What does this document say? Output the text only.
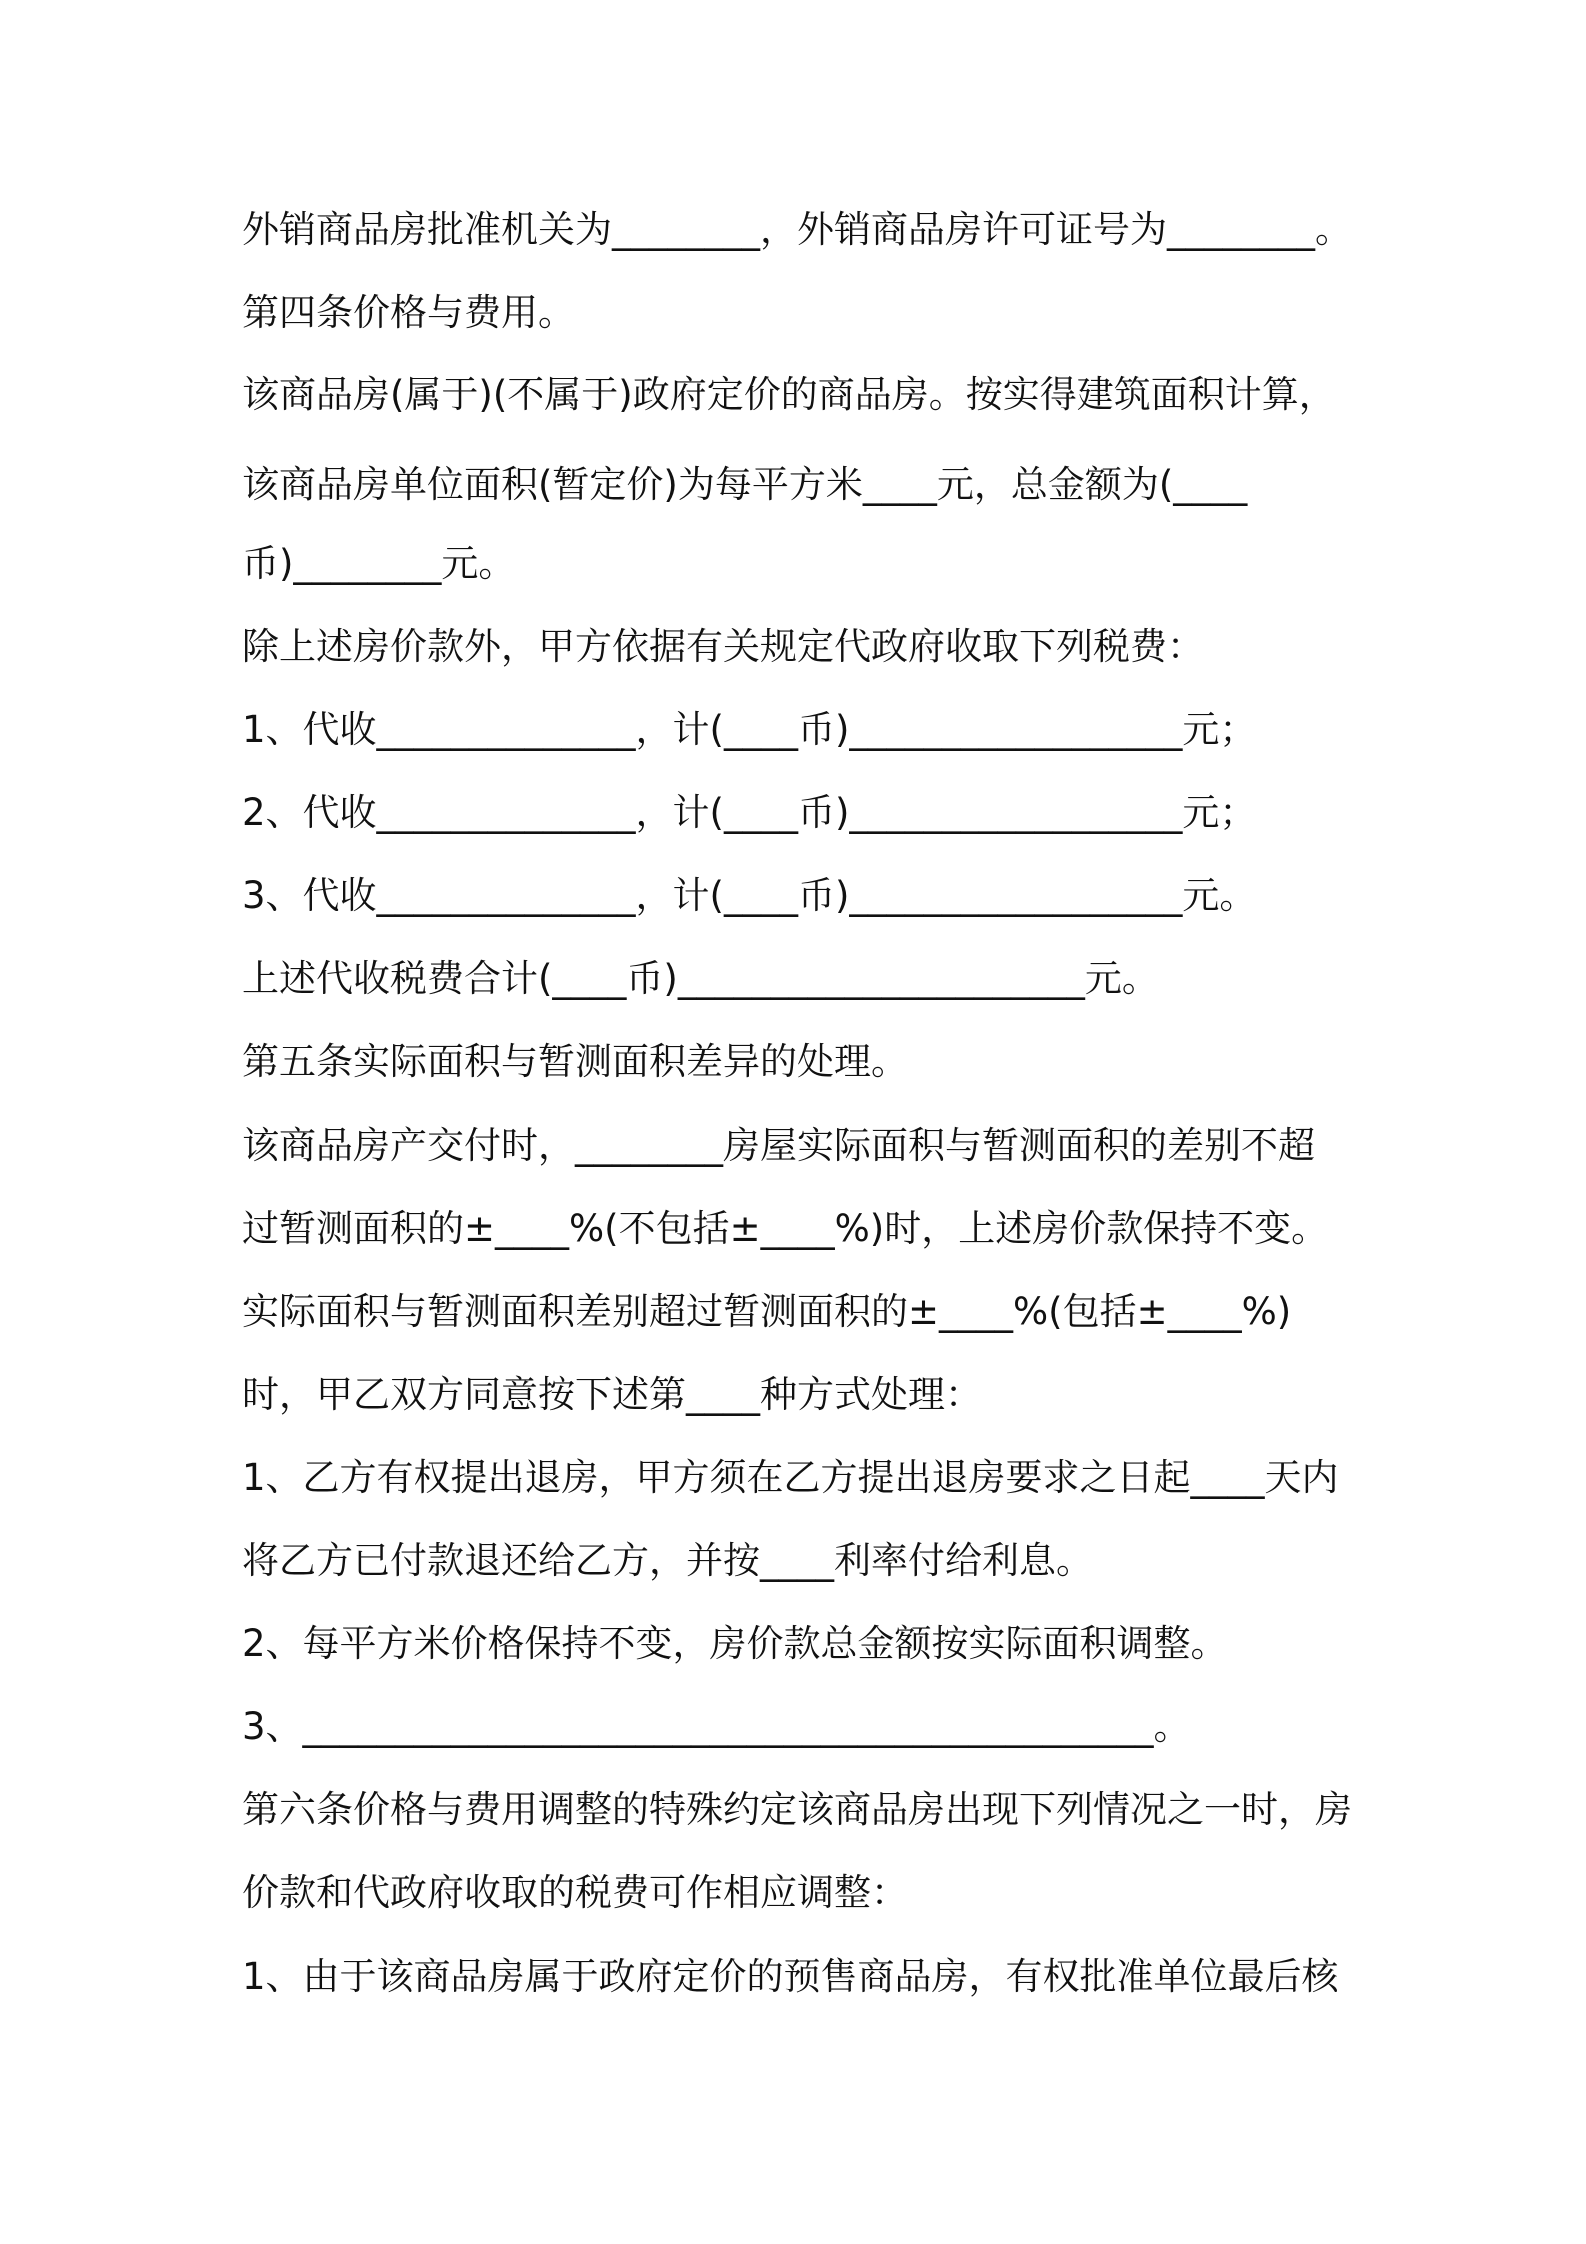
外销商品房批准机关为________，外销商品房许可证号为________。

第四条价格与费用。

该商品房(属于)(不属于)政府定价的商品房。按实得建筑面积计算，

该商品房单位面积(暂定价)为每平方米____元，总金额为(____

币)________元。

除上述房价款外，甲方依据有关规定代政府收取下列税费：

1、代收______________，计(____币)__________________元；

2、代收______________，计(____币)__________________元；

3、代收______________，计(____币)__________________元。

上述代收税费合计(____币)______________________元。

第五条实际面积与暂测面积差异的处理。

该商品房产交付时，________房屋实际面积与暂测面积的差别不超

过暂测面积的±____%(不包括±____%)时，上述房价款保持不变。

实际面积与暂测面积差别超过暂测面积的±____%(包括±____%)

时，甲乙双方同意按下述第____种方式处理：

1、乙方有权提出退房，甲方须在乙方提出退房要求之日起____天内

将乙方已付款退还给乙方，并按____利率付给利息。

2、每平方米价格保持不变，房价款总金额按实际面积调整。

3、______________________________________________。

第六条价格与费用调整的特殊约定该商品房出现下列情况之一时，房

价款和代政府收取的税费可作相应调整：

1、由于该商品房属于政府定价的预售商品房，有权批准单位最后核
